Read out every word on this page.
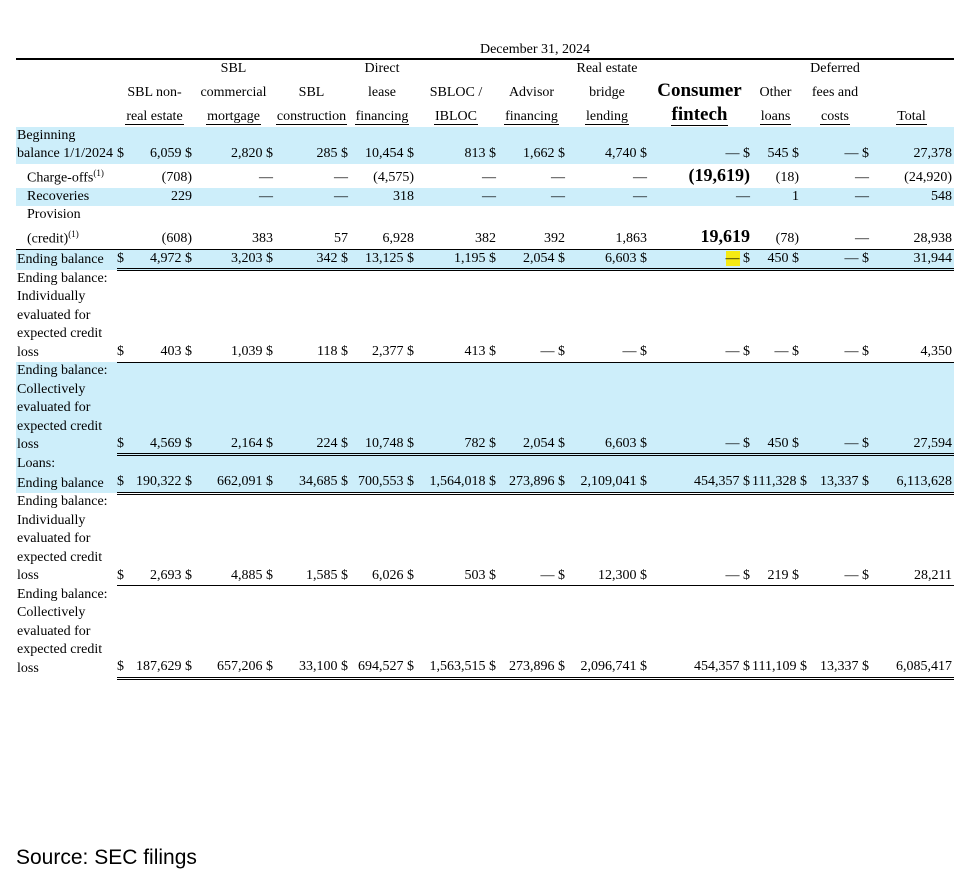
December 31, 2024
		SBL		Direct			Real estate			Deferred	
	SBL non-	commercial	SBL	lease	SBLOC /	Advisor	bridge	Consumer	Other	fees and	
	real estate	mortgage	construction	financing	IBLOC	financing	lending	fintech	loans	costs	Total
Beginning balance 1/1/2024	$ 6,059 $	2,820 $	285 $	10,454 $	813 $	1,662 $	4,740 $	— $	545 $	— $	27,378
Charge-offs$^{(1)}$	(708)	—	—	(4,575)	—	—	—	(19,619)	(18)	—	(24,920)
Recoveries	229	—	—	318	—	—	—	—	1	—	548
Provision (credit)$^{(1)}$	(608)	383	57	6,928	382	392	1,863	19,619	(78)	—	28,938
Ending balance	$ 4,972 $	3,203 $	342 $	13,125 $	1,195 $	2,054 $	6,603 $	— $	450 $	— $	31,944
Ending balance: Individually evaluated for expected credit loss	$ 403 $	1,039 $	118 $	2,377 $	413 $	— $	— $	— $	— $	— $	4,350
Ending balance: Collectively evaluated for expected credit loss	$ 4,569 $	2,164 $	224 $	10,748 $	782 $	2,054 $	6,603 $	— $	450 $	— $	27,594
Loans:											
Ending balance	$ 190,322 $	662,091 $	34,685 $	700,553 $	1,564,018 $	273,896 $	2,109,041 $	454,357 $	111,328 $	13,337 $	6,113,628
Ending balance: Individually evaluated for expected credit loss	$ 2,693 $	4,885 $	1,585 $	6,026 $	503 $	— $	12,300 $	— $	219 $	— $	28,211
Ending balance: Collectively evaluated for expected credit loss	$ 187,629 $	657,206 $	33,100 $	694,527 $	1,563,515 $	273,896 $	2,096,741 $	454,357 $	111,109 $	13,337 $	6,085,417
Source: SEC filings
